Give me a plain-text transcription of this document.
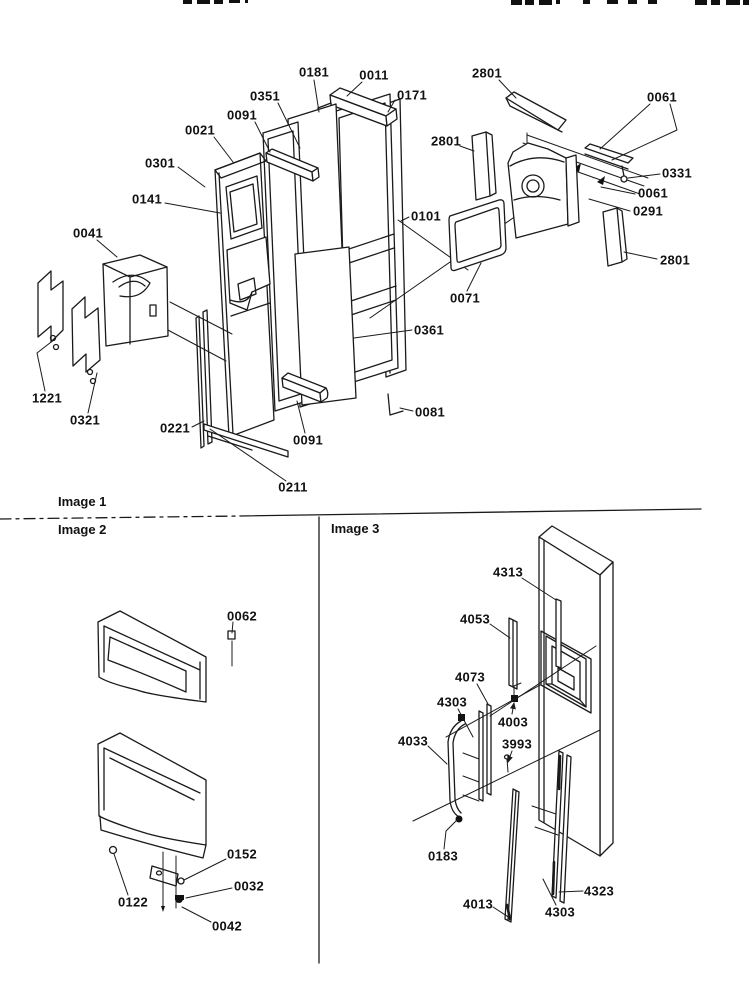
Image 1
Image 2	Image 3
0181 0011	2801
0351	0171	0061
0091
0021
2801
0301
0331
0061
0141
0291
0101
0041
2801
0071
0361
1221
0081
0321
0221
0091
0211
0062
0152
0032
0122
0042
4313
4053
4073
4303
4003
4033	3993
0183
4013
4323
4303
